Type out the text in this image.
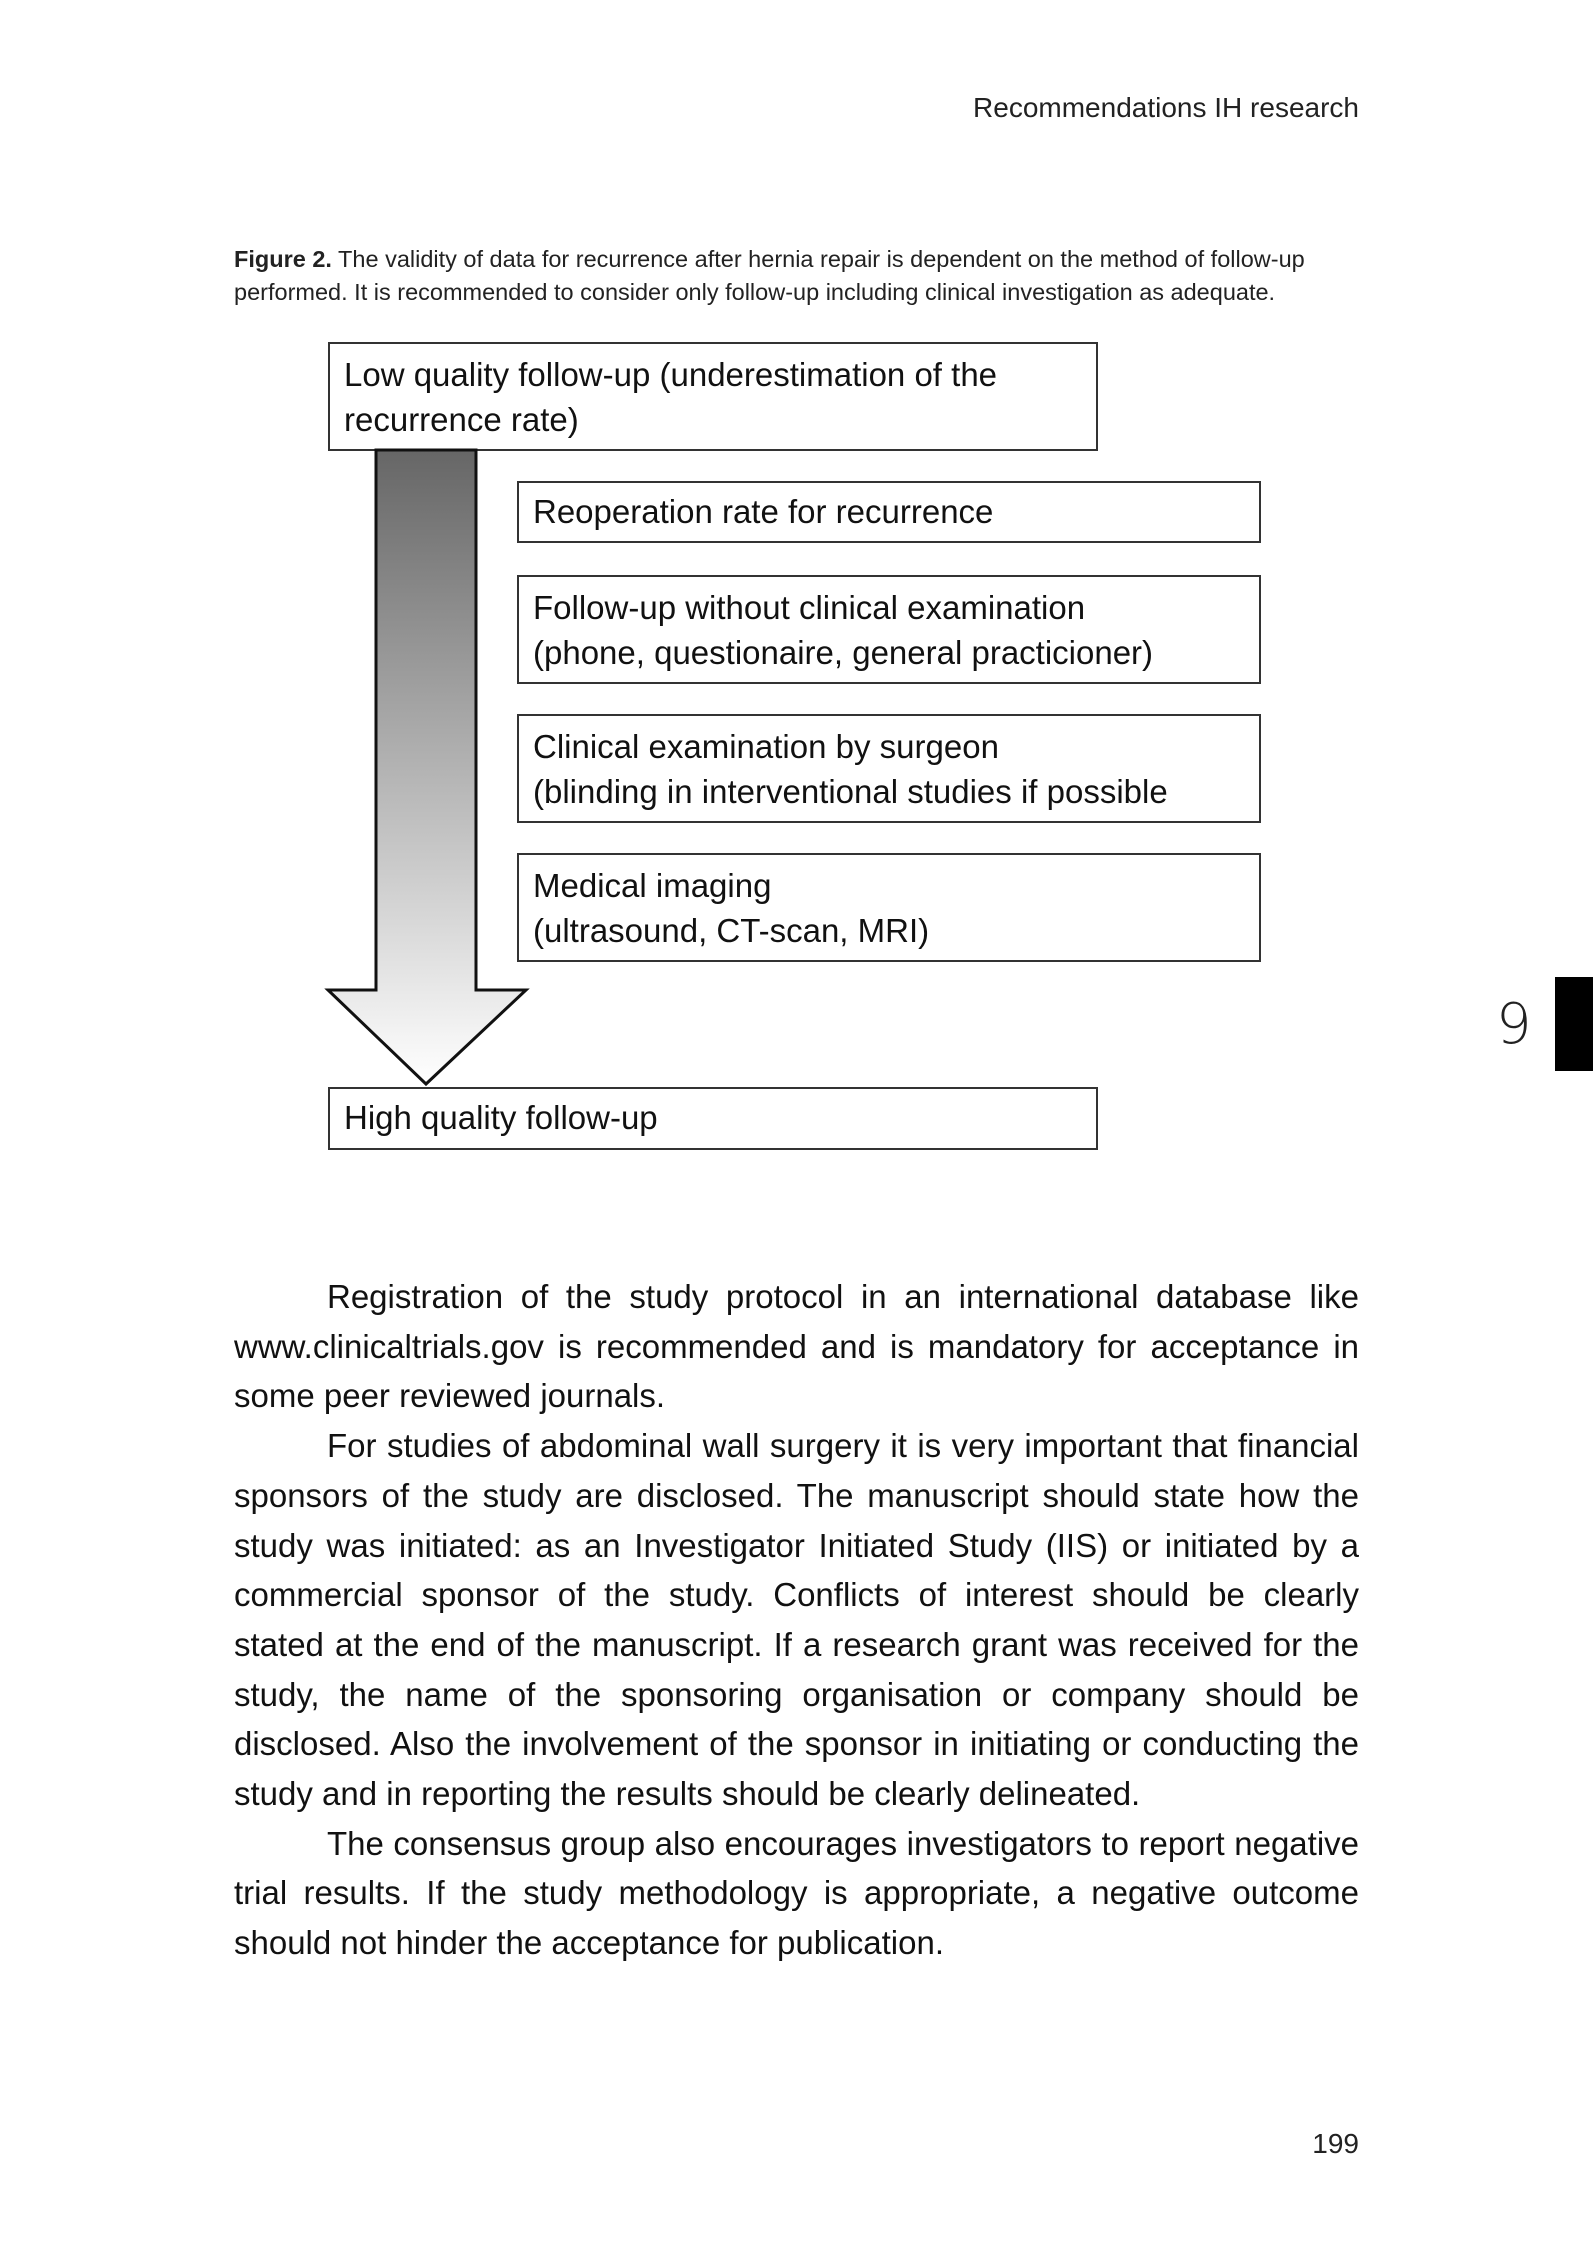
Recommendations IH research
Figure 2. The validity of data for recurrence after hernia repair is dependent on the method of follow-up performed. It is recommended to consider only follow-up including clinical investigation as adequate.
Low quality follow-up (underestimation of the
recurrence rate)
Reoperation rate for recurrence
Follow-up without clinical examination
(phone, questionaire, general practicioner)
Clinical examination by surgeon
(blinding in interventional studies if possible
Medical imaging
(ultrasound, CT-scan, MRI)
High quality follow-up

Registration of the study protocol in an international database like www.clinicaltrials.gov is recommended and is mandatory for acceptance in some peer reviewed journals.

For studies of abdominal wall surgery it is very important that financial sponsors of the study are disclosed. The manuscript should state how the study was initiated: as an Investigator Initiated Study (IIS) or initiated by a commercial sponsor of the study. Conflicts of interest should be clearly stated at the end of the manuscript. If a research grant was received for the study, the name of the sponsoring organisation or company should be disclosed. Also the involvement of the sponsor in initiating or conducting the study and in reporting the results should be clearly delineated.

The consensus group also encourages investigators to report negative trial results. If the study methodology is appropriate, a negative outcome should not hinder the acceptance for publication.

9
199
